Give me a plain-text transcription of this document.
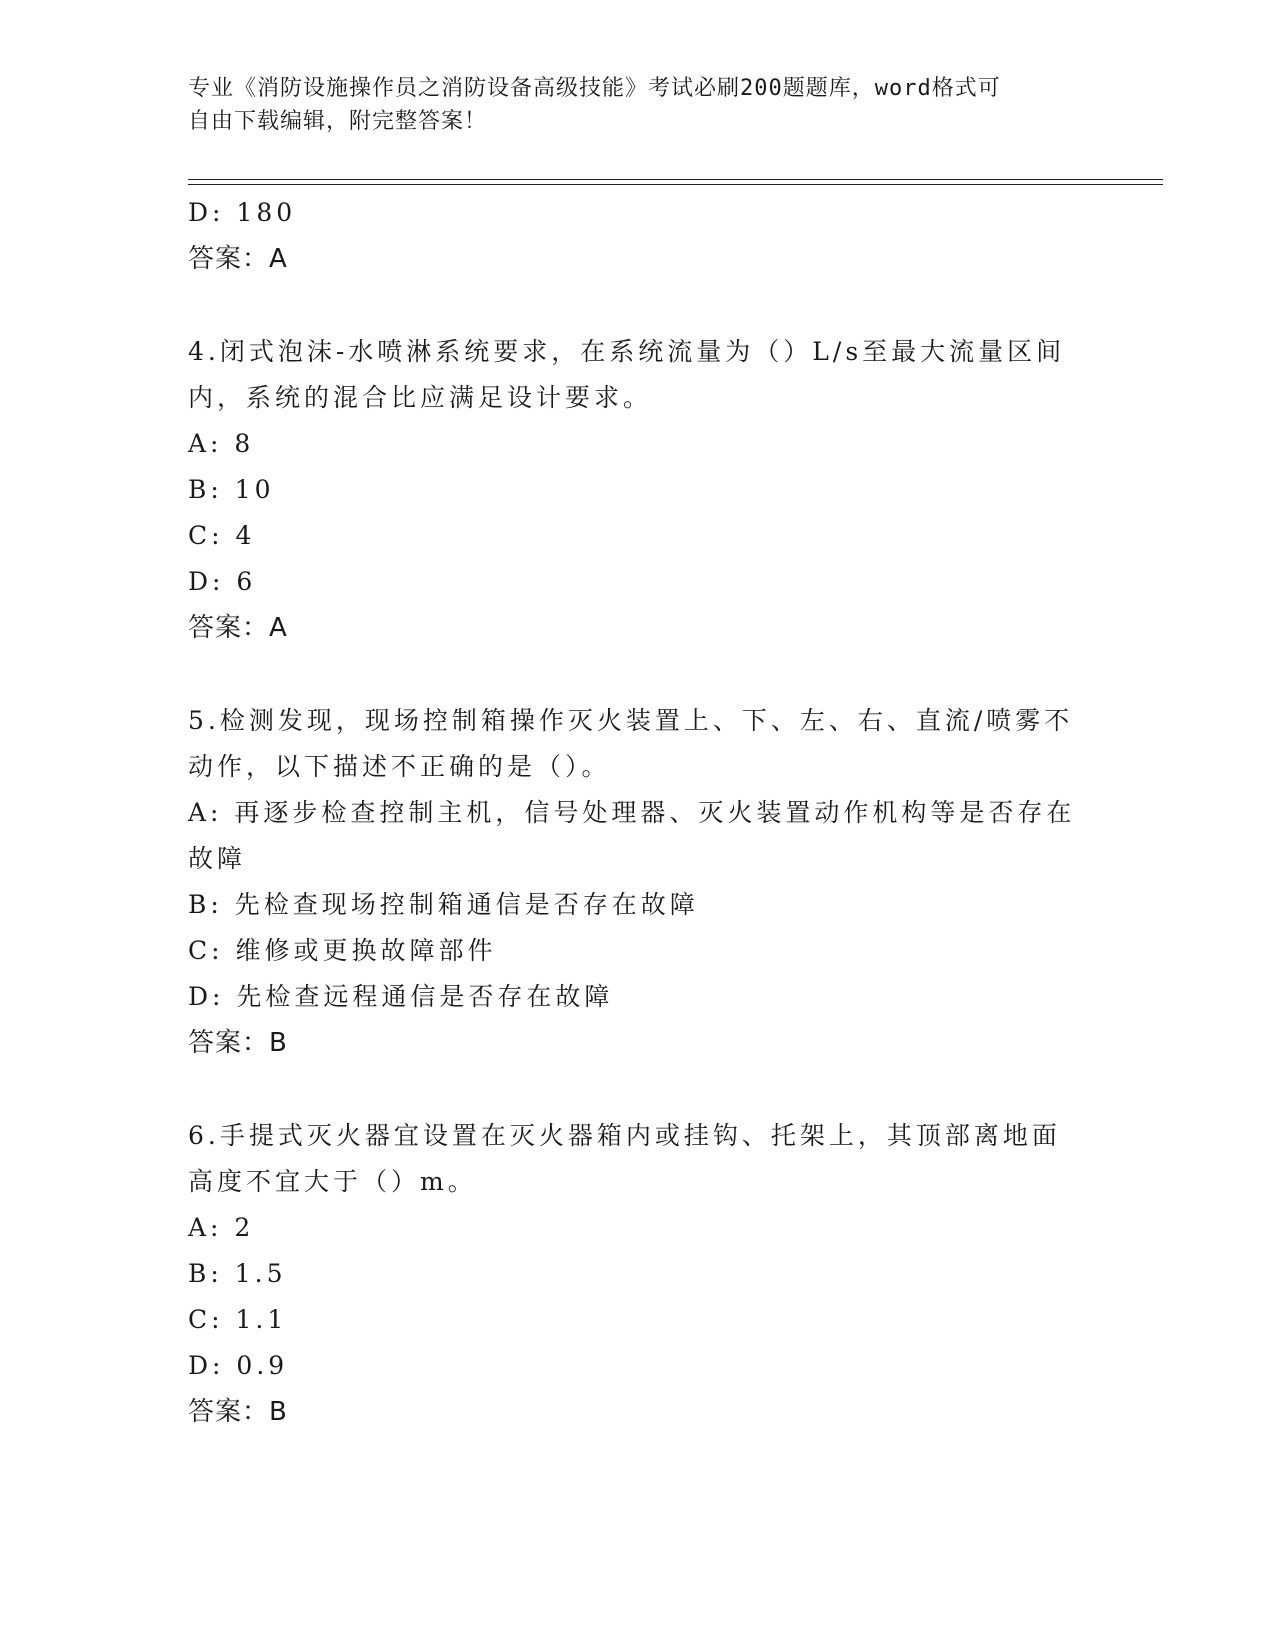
专业《消防设施操作员之消防设备高级技能》考试必刷200题题库，word格式可
自由下载编辑，附完整答案！
D: 180
答案：A
4.闭式泡沫-水喷淋系统要求，在系统流量为（）L/s至最大流量区间
内，系统的混合比应满足设计要求。
A: 8
B: 10
C: 4
D: 6
答案：A
5.检测发现，现场控制箱操作灭火装置上、下、左、右、直流/喷雾不
动作，以下描述不正确的是（）。
A: 再逐步检查控制主机，信号处理器、灭火装置动作机构等是否存在
故障
B: 先检查现场控制箱通信是否存在故障
C: 维修或更换故障部件
D: 先检查远程通信是否存在故障
答案：B
6.手提式灭火器宜设置在灭火器箱内或挂钩、托架上，其顶部离地面
高度不宜大于（）m。
A: 2
B: 1.5
C: 1.1
D: 0.9
答案：B
